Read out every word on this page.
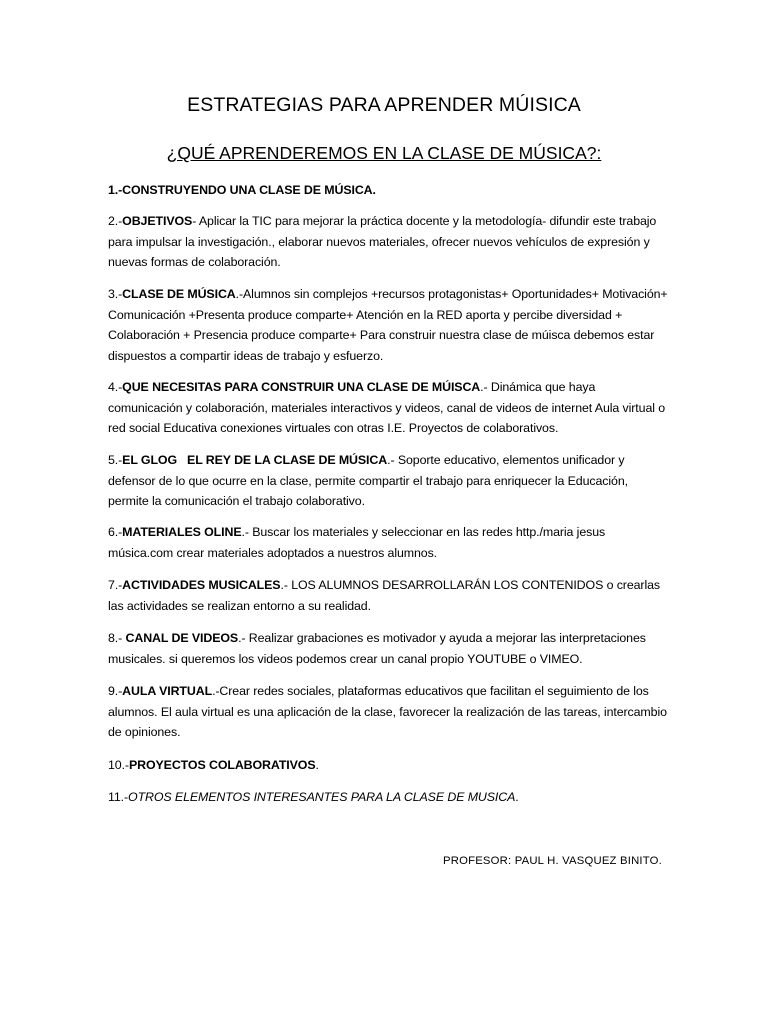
ESTRATEGIAS PARA APRENDER MÚISICA
¿QUÉ APRENDEREMOS EN LA CLASE DE MÚSICA?:
1.-CONSTRUYENDO UNA CLASE DE MÚSICA.
2.-OBJETIVOS- Aplicar la TIC para mejorar la práctica docente y la metodología- difundir este trabajo para impulsar la investigación., elaborar nuevos materiales, ofrecer nuevos vehículos de expresión y nuevas formas de colaboración.
3.-CLASE DE MÚSICA.-Alumnos sin complejos +recursos protagonistas+ Oportunidades+ Motivación+ Comunicación +Presenta produce comparte+ Atención en la RED aporta y percibe diversidad + Colaboración + Presencia produce comparte+ Para construir nuestra clase de múisca debemos estar dispuestos a compartir ideas de trabajo y esfuerzo.
4.-QUE NECESITAS PARA CONSTRUIR UNA CLASE DE MÚISCA.- Dinámica que haya comunicación y colaboración, materiales interactivos y videos, canal de videos de internet Aula virtual o red social Educativa conexiones virtuales con otras I.E. Proyectos de colaborativos.
5.-EL GLOG   EL REY DE LA CLASE DE MÚSICA.- Soporte educativo, elementos unificador y defensor de lo que ocurre en la clase, permite compartir el trabajo para enriquecer la Educación, permite la comunicación el trabajo colaborativo.
6.-MATERIALES OLINE.- Buscar los materiales y seleccionar en las redes http./maria jesus música.com crear materiales adoptados a nuestros alumnos.
7.-ACTIVIDADES MUSICALES.- LOS ALUMNOS DESARROLLARÁN LOS CONTENIDOS o crearlas las actividades se realizan entorno a su realidad.
8.- CANAL DE VIDEOS.- Realizar grabaciones es motivador y ayuda a mejorar las interpretaciones musicales. si queremos los videos podemos crear un canal propio YOUTUBE o VIMEO.
9.-AULA VIRTUAL.-Crear redes sociales, plataformas educativos que facilitan el seguimiento de los alumnos. El aula virtual es una aplicación de la clase, favorecer la realización de las tareas, intercambio de opiniones.
10.-PROYECTOS COLABORATIVOS.
11.-OTROS ELEMENTOS INTERESANTES PARA LA CLASE DE MUSICA.
PROFESOR: PAUL H. VASQUEZ BINITO.
